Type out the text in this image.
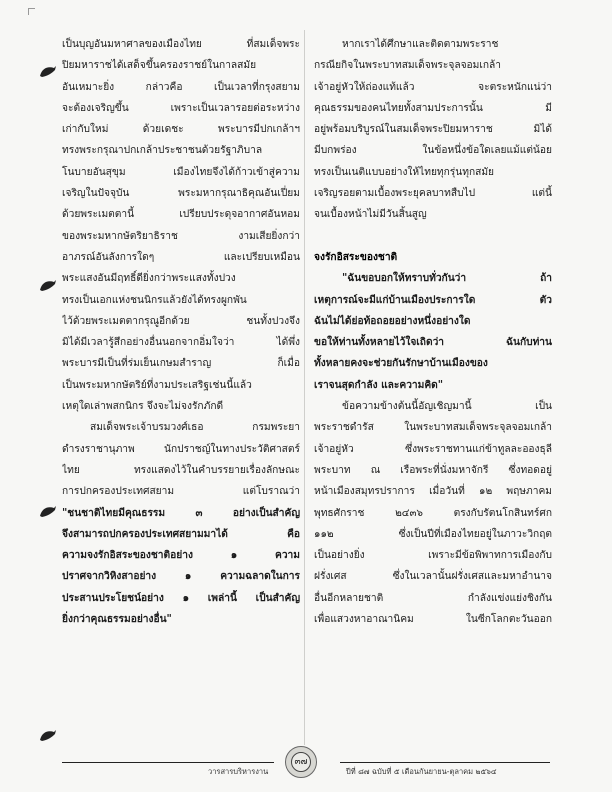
เป็นบุญอันมหาศาลของเมืองไทย ที่สมเด็จพระ

ปิยมหาราชได้เสด็จขึ้นครองราชย์ในกาลสมัย

อันเหมาะยิ่ง กล่าวคือ เป็นเวลาที่กรุงสยาม

จะต้องเจริญขึ้น เพราะเป็นเวลารอยต่อระหว่าง

เก่ากับใหม่ ด้วยเดชะ พระบารมีปกเกล้าฯ

ทรงพระกรุณาปกเกล้าประชาชนด้วยรัฐาภิบาล

โนบายอันสุขุม เมืองไทยจึงได้ก้าวเข้าสู่ความ

เจริญในปัจจุบัน พระมหากรุณาธิคุณอันเปี่ยม

ด้วยพระเมตตานี้ เปรียบประดุจอากาศอันหอม

ของพระมหากษัตริยาธิราช งามเสียยิ่งกว่า

อาภรณ์อันลังการใดๆ และเปรียบเหมือน

พระแสงอันมีฤทธิ์ดียิ่งกว่าพระแสงทั้งปวง

ทรงเป็นเอกแห่งชนนิกรแล้วยังได้ทรงผูกพัน

ไว้ด้วยพระเมตตากรุณูอีกด้วย ชนทั้งปวงจึง

มิได้มีเวลารู้สึกอย่างอื่นนอกจากอิ่มใจว่า ได้พึ่ง

พระบารมีเป็นที่ร่มเย็นเกษมสำราญ ก็เมื่อ

เป็นพระมหากษัตริย์ที่งามประเสริฐเช่นนี้แล้ว

เหตุใดเล่าพสกนิกร จึงจะไม่จงรักภักดี

สมเด็จพระเจ้าบรมวงศ์เธอ กรมพระยา

ดำรงราชานุภาพ นักปราชญ์ในทางประวัติศาสตร์

ไทย ทรงแสดงไว้ในคำบรรยายเรื่องลักษณะ

การปกครองประเทศสยาม แต่โบราณว่า

"ชนชาติไทยมีคุณธรรม ๓ อย่างเป็นสำคัญ

จึงสามารถปกครองประเทศสยามมาได้ คือ

ความจงรักอิสระของชาติอย่าง ๑ ความ

ปราศจากวิหิงสาอย่าง ๑ ความฉลาดในการ

ประสานประโยชน์อย่าง ๑ เพล่านี้ เป็นสำคัญ

ยิ่งกว่าคุณธรรมอย่างอื่น"

หากเราได้ศึกษาและติดตามพระราช

กรณียกิจในพระบาทสมเด็จพระจุลจอมเกล้า

เจ้าอยู่หัวให้ถ่องแท้แล้ว จะตระหนักแน่ว่า

คุณธรรมของคนไทยทั้งสามประการนั้น มี

อยู่พร้อมบริบูรณ์ในสมเด็จพระปิยมหาราช มิได้

มีบกพร่อง ในข้อหนึ่งข้อใดเลยแม้แต่น้อย

ทรงเป็นเนติแบบอย่างให้ไทยทุกรุ่นทุกสมัย

เจริญรอยตามเบื้องพระยุคลบาทสืบไป แต่นี้

จนเบื้องหน้าไม่มีวันสิ้นสูญ

จงรักอิสระของชาติ

"ฉันขอบอกให้ทราบทั่วกันว่า ถ้า

เหตุการณ์จะมีแก่บ้านเมืองประการใด ตัว

ฉันไม่ได้ย่อท้อถอยอย่างหนึ่งอย่างใด

ขอให้ท่านทั้งหลายไว้ใจเถิดว่า ฉันกับท่าน

ทั้งหลายคงจะช่วยกันรักษาบ้านเมืองของ

เราจนสุดกำลัง และความคิด"

ข้อความข้างต้นนี้อัญเชิญมานี้ เป็น

พระราชดำรัส ในพระบาทสมเด็จพระจุลจอมเกล้า

เจ้าอยู่หัว ซึ่งพระราชทานแก่ข้าทูลละอองธุลี

พระบาท ณ เรือพระที่นั่งมหาจักรี ซึ่งทอดอยู่

หน้าเมืองสมุทรปราการ เมื่อวันที่ ๑๒ พฤษภาคม

พุทธศักราช ๒๔๓๖ ตรงกับรัตนโกสินทร์ศก

๑๑๒ ซึ่งเป็นปีที่เมืองไทยอยู่ในภาวะวิกฤต

เป็นอย่างยิ่ง เพราะมีข้อพิพาทการเมืองกับ

ฝรั่งเศส ซึ่งในเวลานั้นฝรั่งเศสและมหาอำนาจ

อื่นอีกหลายชาติ กำลังแข่งแย่งชิงกัน

เพื่อแสวงหาอาณานิคม ในซีกโลกตะวันออก

๓๗
วารสารบริหารงาน	ปีที่ ๘๗ ฉบับที่ ๕ เดือนกันยายน-ตุลาคม ๒๕๖๔
